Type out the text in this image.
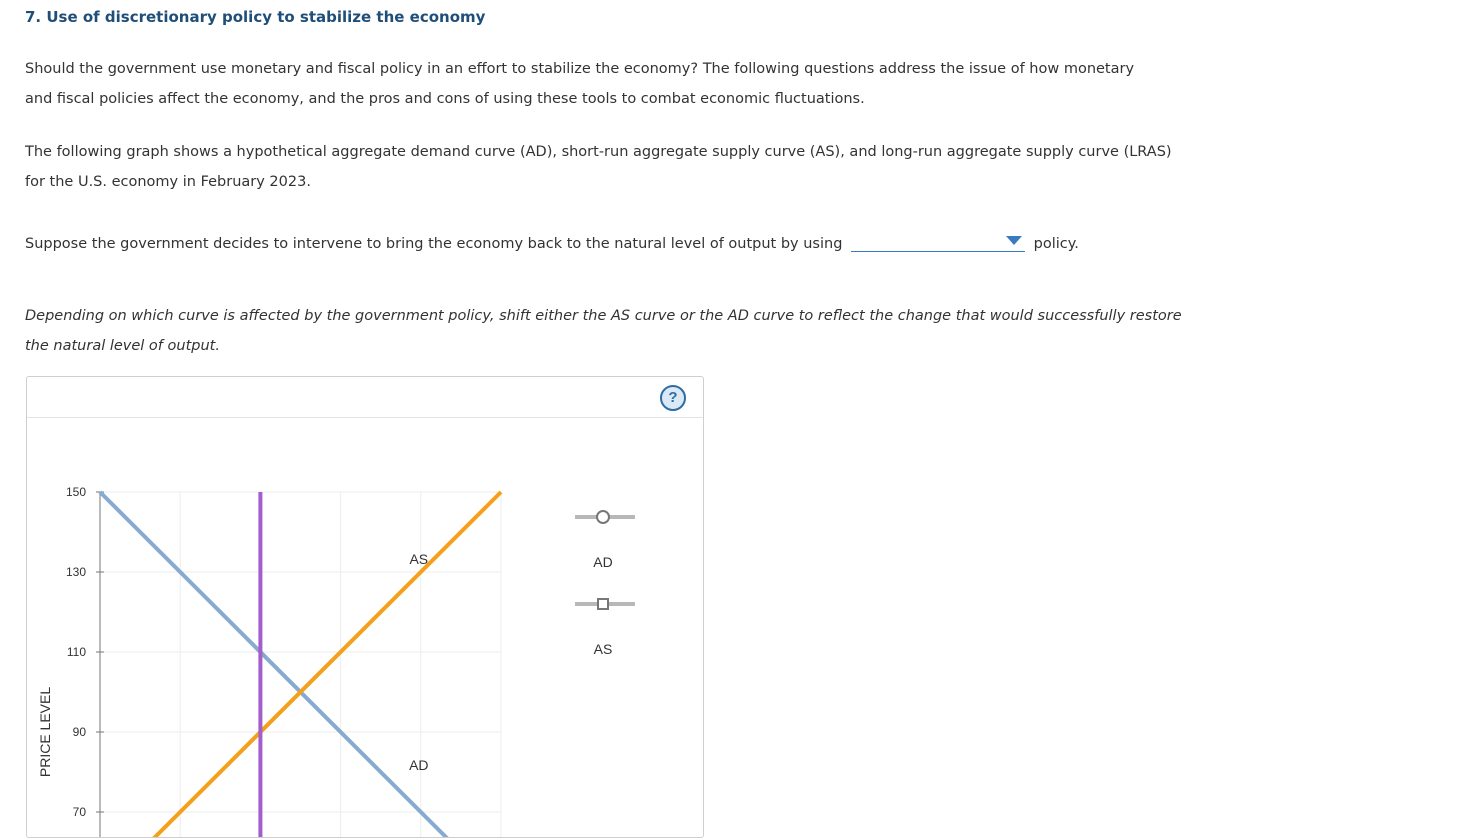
7. Use of discretionary policy to stabilize the economy
Should the government use monetary and fiscal policy in an effort to stabilize the economy? The following questions address the issue of how monetary and fiscal policies affect the economy, and the pros and cons of using these tools to combat economic fluctuations.
The following graph shows a hypothetical aggregate demand curve (AD), short-run aggregate supply curve (AS), and long-run aggregate supply curve (LRAS) for the U.S. economy in February 2023.
Suppose the government decides to intervene to bring the economy back to the natural level of output by using	policy.
Depending on which curve is affected by the government policy, shift either the AS curve or the AD curve to reflect the change that would successfully restore the natural level of output.
?
150
130
110
90
70
AS
AD
PRICE LEVEL
AD
AS
